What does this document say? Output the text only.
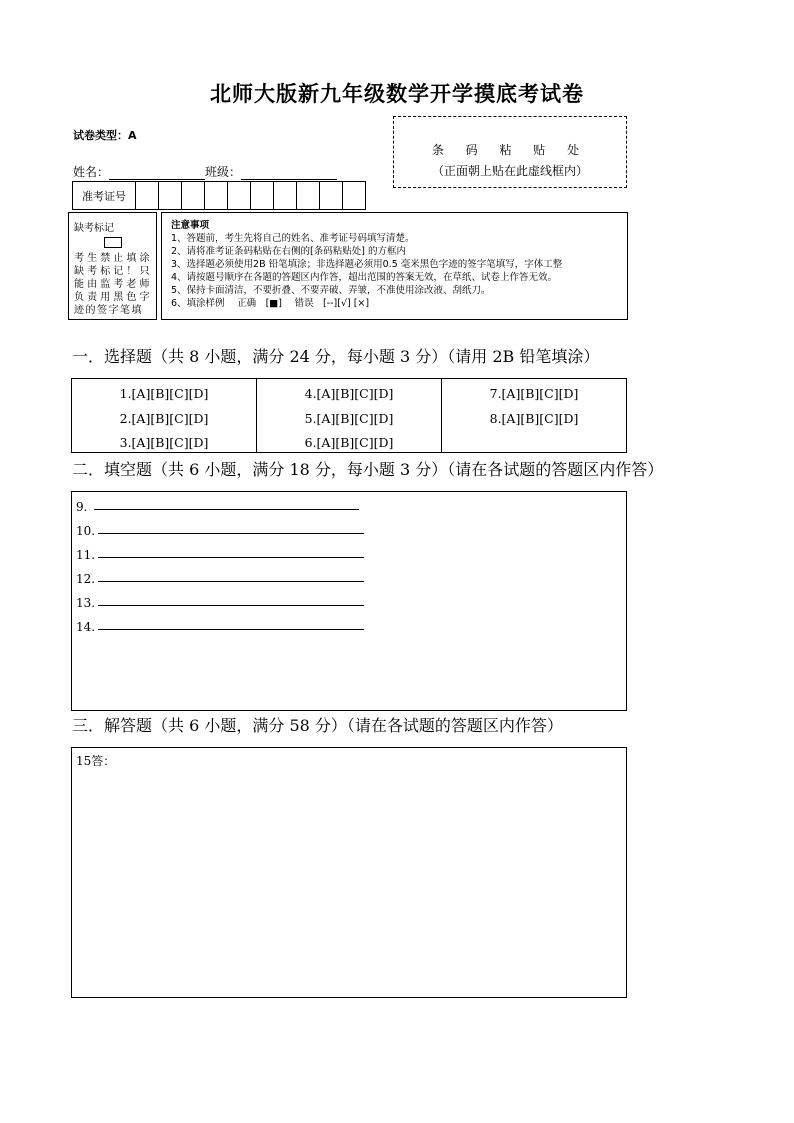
北师大版新九年级数学开学摸底考试卷
试卷类型：A
姓名：	班级：
条 码 粘 贴 处
（正面朝上贴在此虚线框内）
准考证号
缺考标记
考生禁止填涂缺考标记！只能由监考老师负责用黑色字迹的签字笔填
注意事项
1、答题前，考生先将自己的姓名、准考证号码填写清楚。
2、请将准考证条码粘贴在右侧的[条码粘贴处] 的方框内
3、选择题必须使用2B 铅笔填涂；非选择题必须用0.5 毫米黑色字迹的签字笔填写，字体工整
4、请按题号顺序在各题的答题区内作答，超出范围的答案无效，在草纸、试卷上作答无效。
5、保持卡面清洁，不要折叠、不要弄破、弄皱，不准使用涂改液、刮纸刀。
6、填涂样例　 正确　[■]　 错误　[--][√] [×]
一．选择题（共 8 小题，满分 24 分，每小题 3 分）（请用 2B 铅笔填涂）
1.[A][B][C][D]
2.[A][B][C][D]
3.[A][B][C][D]
4.[A][B][C][D]
5.[A][B][C][D]
6.[A][B][C][D]
7.[A][B][C][D]
8.[A][B][C][D]
二．填空题（共 6 小题，满分 18 分，每小题 3 分）（请在各试题的答题区内作答）
9.
10.
11.
12.
13.
14.
三．解答题（共 6 小题，满分 58 分）（请在各试题的答题区内作答）
15答：
